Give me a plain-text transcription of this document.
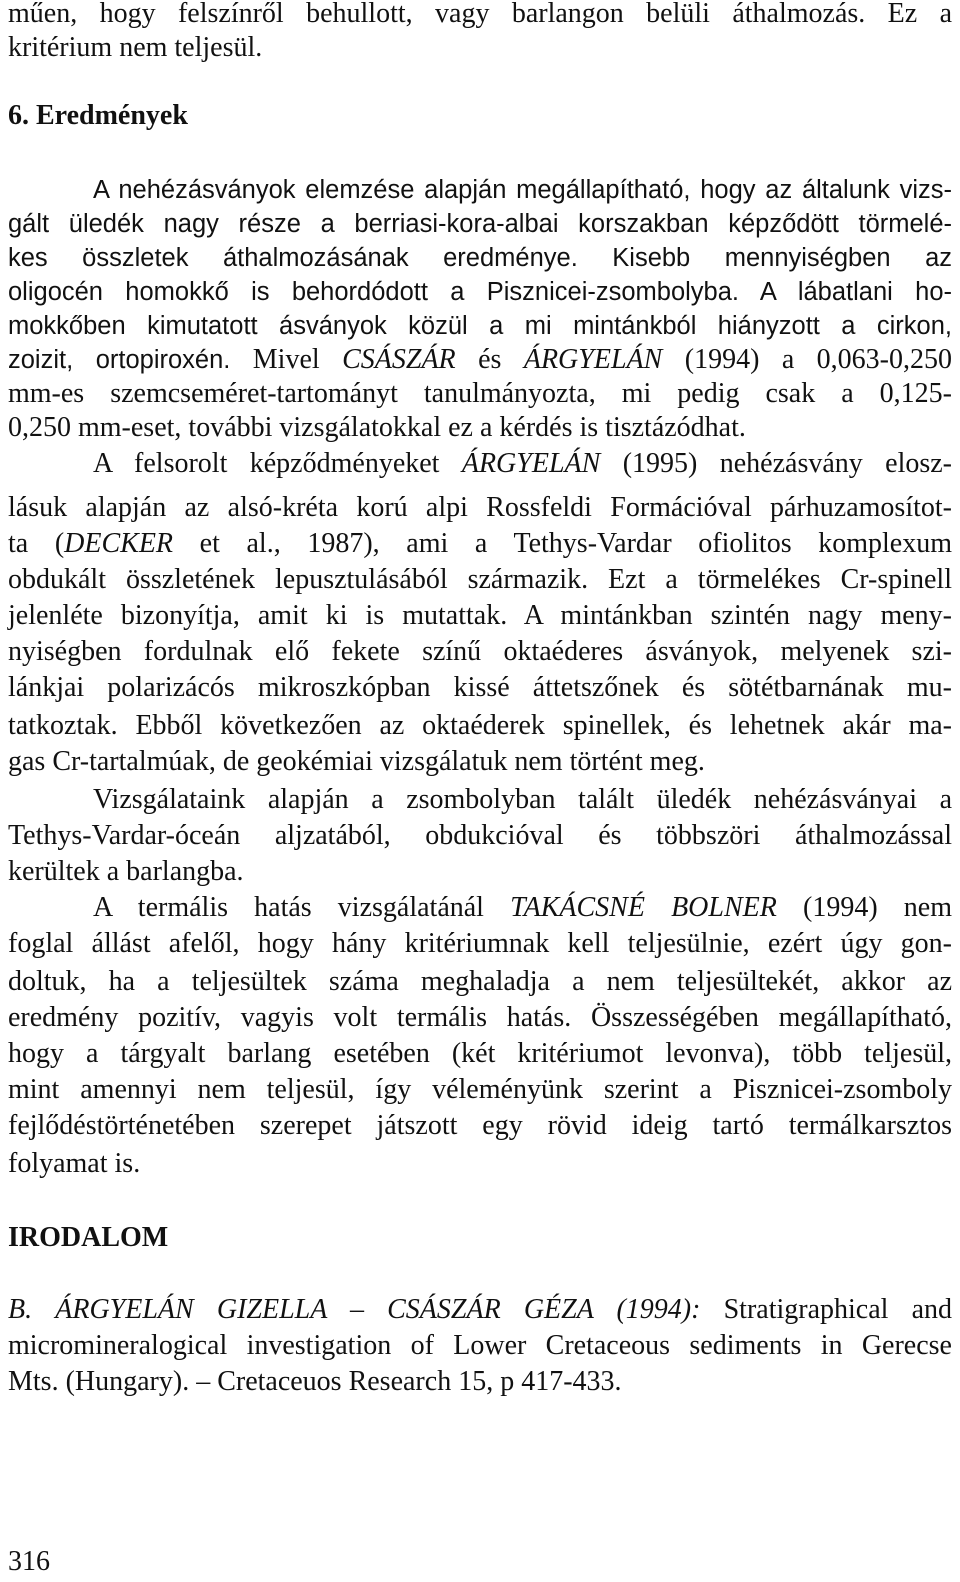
műen, hogy felszínről behullott, vagy barlangon belüli áthalmozás. Ez a
kritérium nem teljesül.
6. Eredmények
A nehézásványok elemzése alapján megállapítható, hogy az általunk vizs-
gált üledék nagy része a berriasi-kora-albai korszakban képződött törmelé-
kes összletek áthalmozásának eredménye. Kisebb mennyiségben az
oligocén homokkő is behordódott a Pisznicei-zsombolyba. A lábatlani ho-
mokkőben kimutatott ásványok közül a mi mintánkból hiányzott a cirkon,
zoizit, ortopiroxén. Mivel CSÁSZÁR és ÁRGYELÁN (1994) a 0,063-0,250
mm-es szemcseméret-tartományt tanulmányozta, mi pedig csak a 0,125-
0,250 mm-eset, további vizsgálatokkal ez a kérdés is tisztázódhat.
A felsorolt képződményeket ÁRGYELÁN (1995) nehézásvány elosz-
lásuk alapján az alsó-kréta korú alpi Rossfeldi Formációval párhuzamosítot-
ta (DECKER et al., 1987), ami a Tethys-Vardar ofiolitos komplexum
obdukált összletének lepusztulásából származik. Ezt a törmelékes Cr-spinell
jelenléte bizonyítja, amit ki is mutattak. A mintánkban szintén nagy meny-
nyiségben fordulnak elő fekete színű oktaéderes ásványok, melyenek szi-
lánkjai polarizácós mikroszkópban kissé áttetszőnek és sötétbarnának mu-
tatkoztak. Ebből következően az oktaéderek spinellek, és lehetnek akár ma-
gas Cr-tartalmúak, de geokémiai vizsgálatuk nem történt meg.
Vizsgálataink alapján a zsombolyban talált üledék nehézásványai a
Tethys-Vardar-óceán aljzatából, obdukcióval és többszöri áthalmozással
kerültek a barlangba.
A termális hatás vizsgálatánál TAKÁCSNÉ BOLNER (1994) nem
foglal állást afelől, hogy hány kritériumnak kell teljesülnie, ezért úgy gon-
doltuk, ha a teljesültek száma meghaladja a nem teljesültekét, akkor az
eredmény pozitív, vagyis volt termális hatás. Összességében megállapítható,
hogy a tárgyalt barlang esetében (két kritériumot levonva), több teljesül,
mint amennyi nem teljesül, így véleményünk szerint a Pisznicei-zsomboly
fejlődéstörténetében szerepet játszott egy rövid ideig tartó termálkarsztos
folyamat is.
IRODALOM
B. ÁRGYELÁN GIZELLA – CSÁSZÁR GÉZA (1994): Stratigraphical and
micromineralogical investigation of Lower Cretaceous sediments in Gerecse
Mts. (Hungary). – Cretaceuos Research 15, p 417-433.
316
